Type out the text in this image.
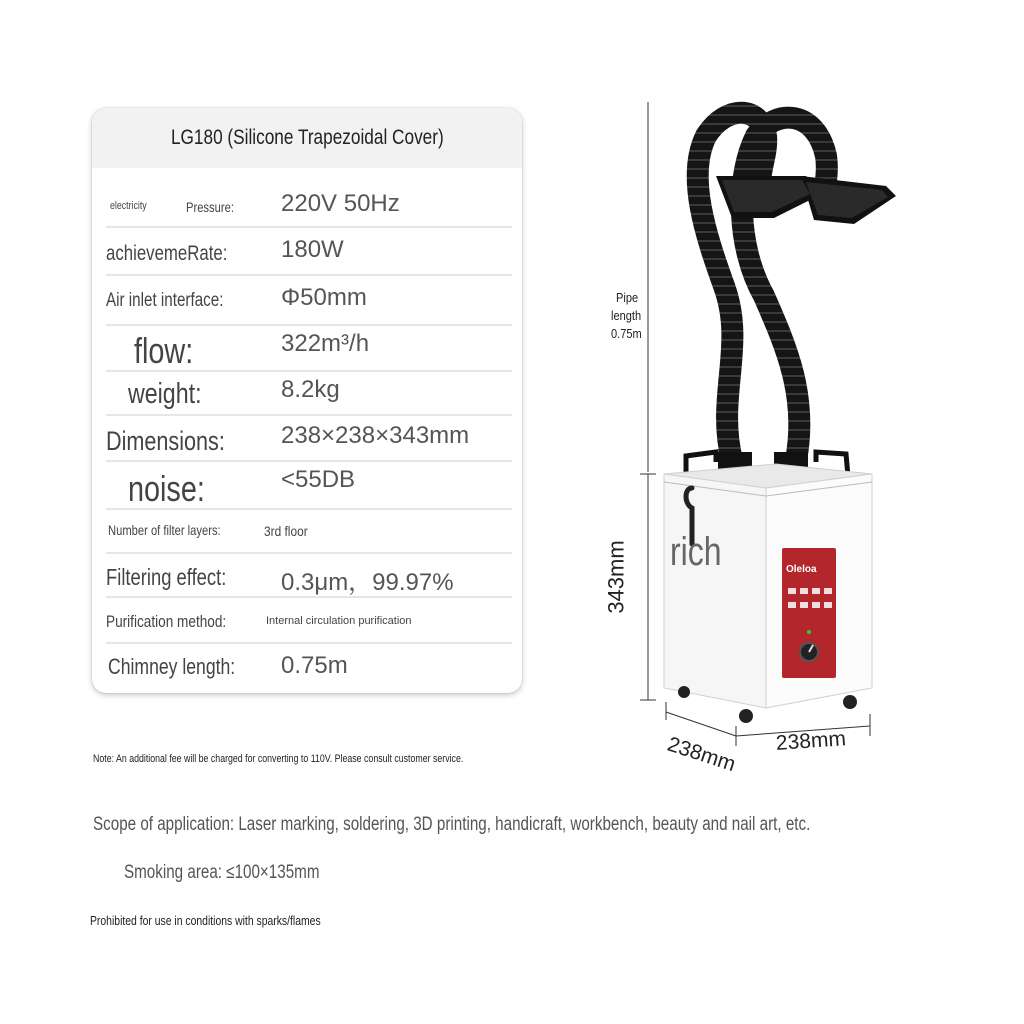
LG180 (Silicone Trapezoidal Cover)
electricity	Pressure: 220V 50Hz
achievemeRate: 180W
Air inlet interface: Φ50mm
flow:	322m³/h
weight:	8.2kg
Dimensions: 238×238×343mm
noise:	<55DB
Number of filter layers:	3rd floor
Filtering effect: 0.3μm，99.97%
Purification method:	Internal circulation purification
Chimney length: 0.75m
Note: An additional fee will be charged for converting to 110V. Please consult customer service.
Scope of application: Laser marking, soldering, 3D printing, handicraft, workbench, beauty and nail art, etc.
Smoking area: ≤100×135mm
Prohibited for use in conditions with sparks/flames
Oleloa
rich
Pipe
length
0.75m
343mm
238mm 238mm
